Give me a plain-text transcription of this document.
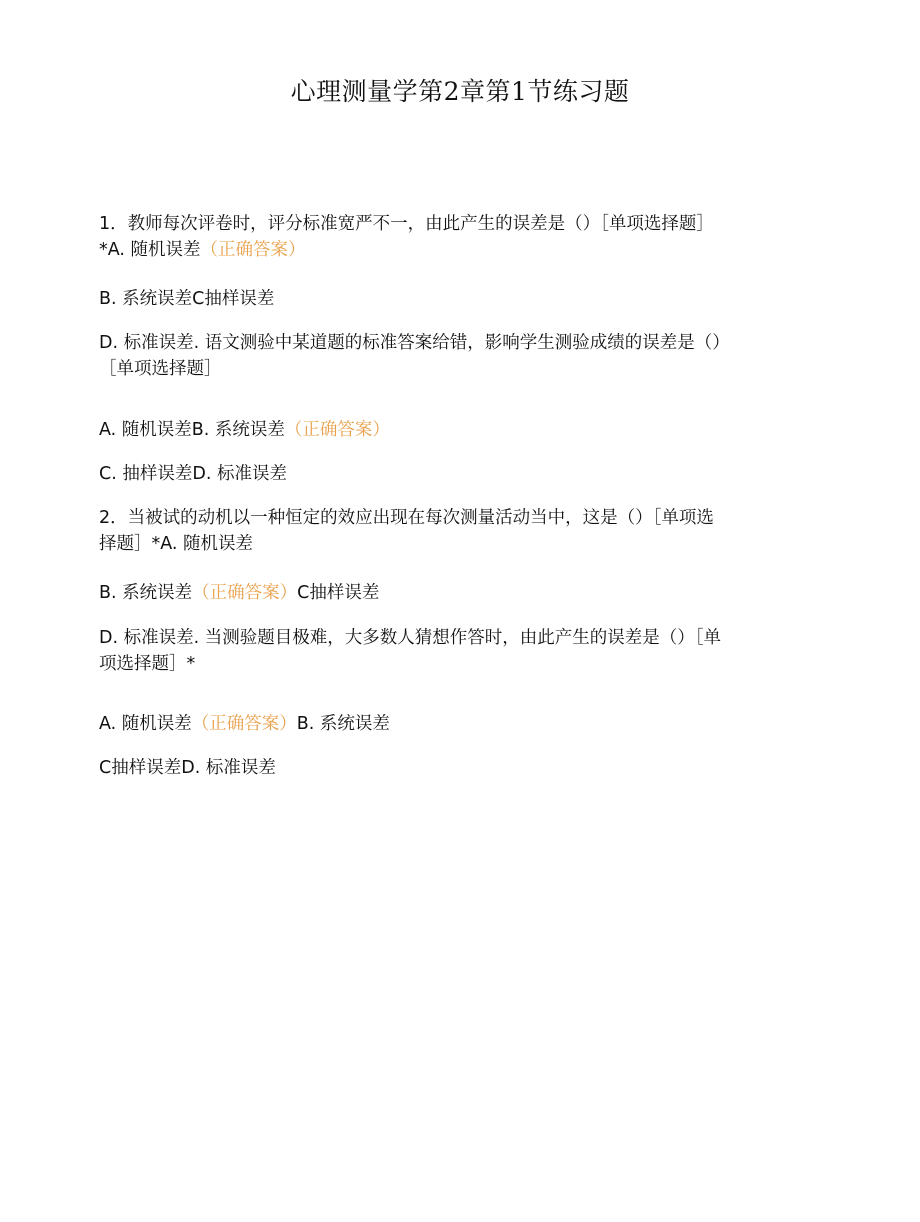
心理测量学第2章第1节练习题

1．教师每次评卷时，评分标准宽严不一，由此产生的误差是（）［单项选择题］

*A. 随机误差（正确答案）

B. 系统误差C抽样误差

D. 标准误差. 语文测验中某道题的标准答案给错，影响学生测验成绩的误差是（）

［单项选择题］

A. 随机误差B. 系统误差（正确答案）

C. 抽样误差D. 标准误差

2．当被试的动机以一种恒定的效应出现在每次测量活动当中，这是（）［单项选

择题］*A. 随机误差

B. 系统误差（正确答案）C抽样误差

D. 标准误差. 当测验题目极难，大多数人猜想作答时，由此产生的误差是（）［单

项选择题］*

A. 随机误差（正确答案）B. 系统误差

C抽样误差D. 标准误差
